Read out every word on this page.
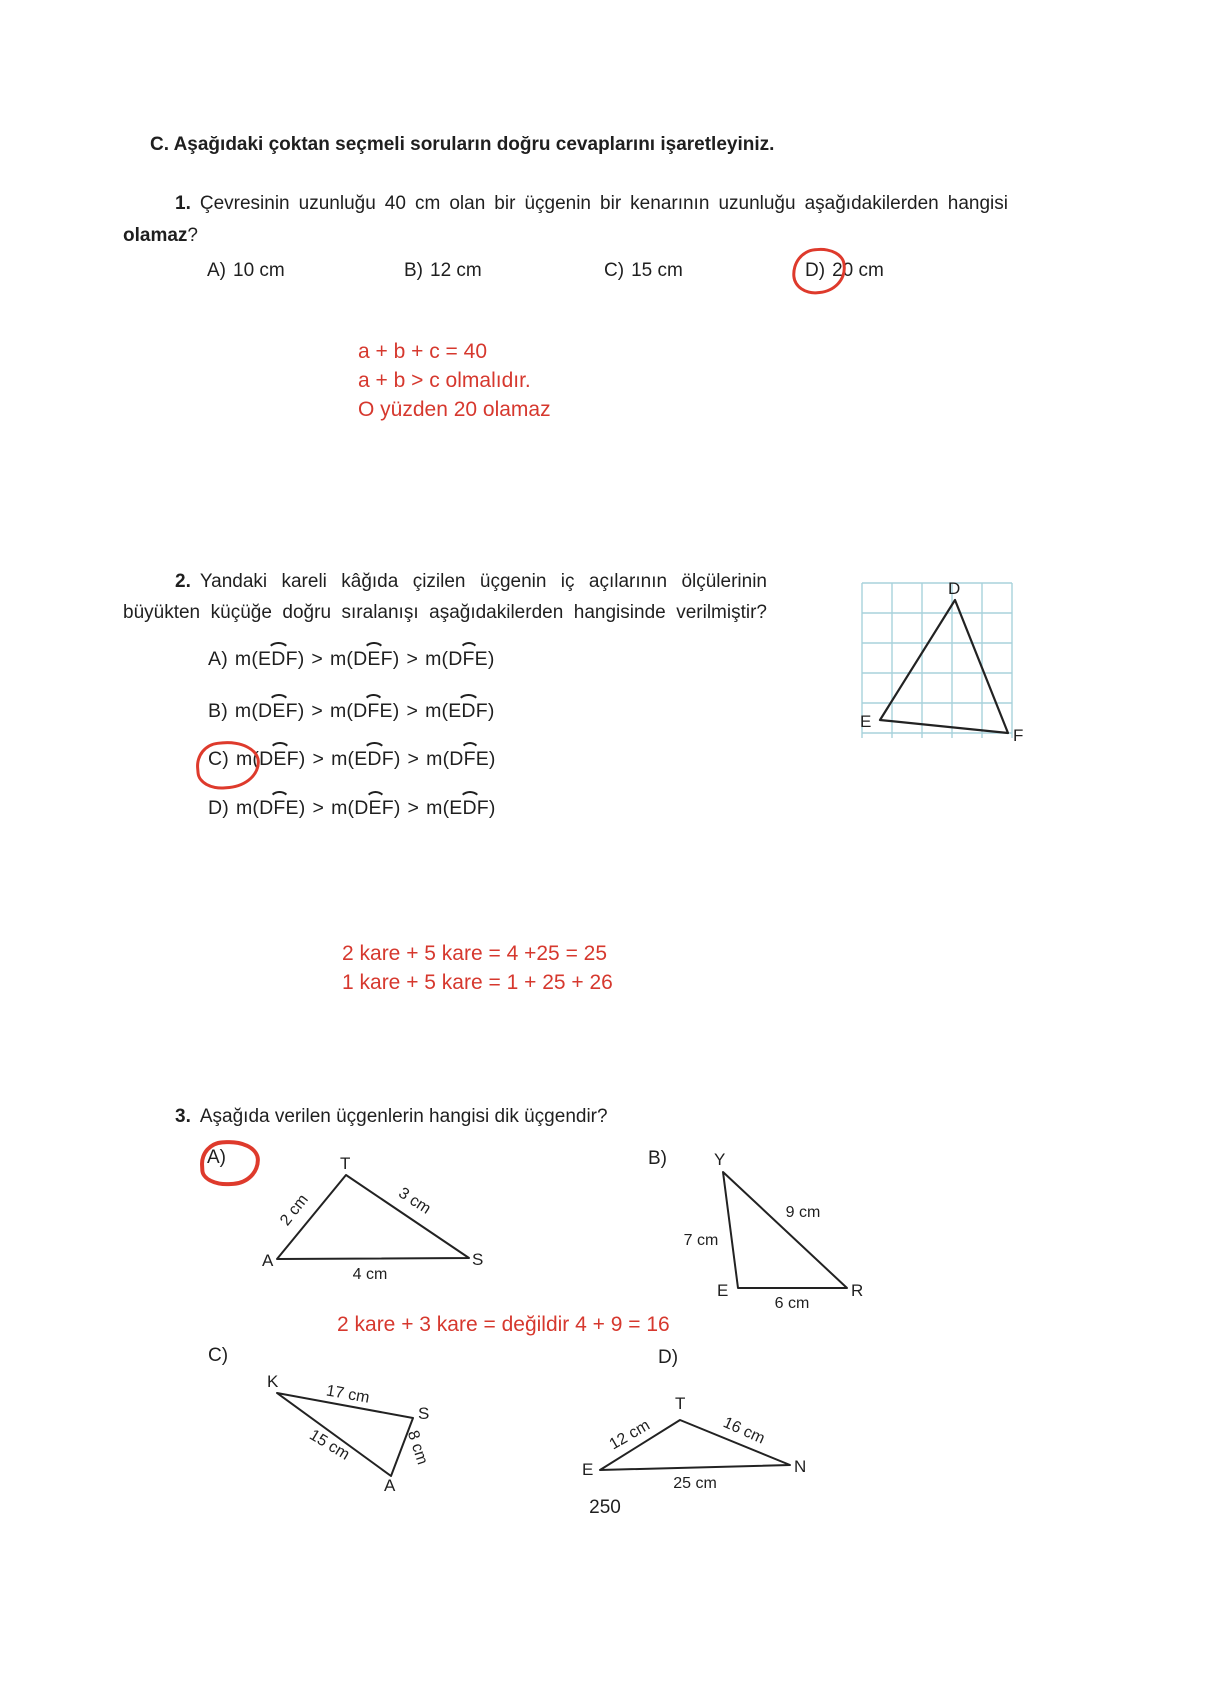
C. Aşağıdaki çoktan seçmeli soruların doğru cevaplarını işaretleyiniz.
1. Çevresinin uzunluğu 40 cm olan bir üçgenin bir kenarının uzunluğu aşağıdakilerden hangisi
olamaz?
A) 10 cm	B) 12 cm	C) 15 cm	D) 20 cm
a + b + c = 40
a + b > c olmalıdır.
O yüzden 20 olamaz
2. Yandaki kareli kâğıda çizilen üçgenin iç açılarının ölçülerinin
büyükten küçüğe doğru sıralanışı aşağıdakilerden hangisinde verilmiştir?
A) m(EDF) > m(DEF) > m(DFE)
B) m(DEF) > m(DFE) > m(EDF)
C) m(DEF) > m(EDF) > m(DFE)
D) m(DFE) > m(DEF) > m(EDF)
D
E
F
2 kare + 5 kare = 4 +25 = 25
1 kare + 5 kare = 1 + 25 + 26
3. Aşağıda verilen üçgenlerin hangisi dik üçgendir?
A)	B)
T
A	S
2 cm	3 cm
4 cm
Y
E	R
7 cm
9 cm
6 cm
2 kare + 3 kare = değildir 4 + 9 = 16
C)	D)
K
S
A
17 cm
15 cm	8 cm
T
E	N
12 cm	16 cm
25 cm
250
